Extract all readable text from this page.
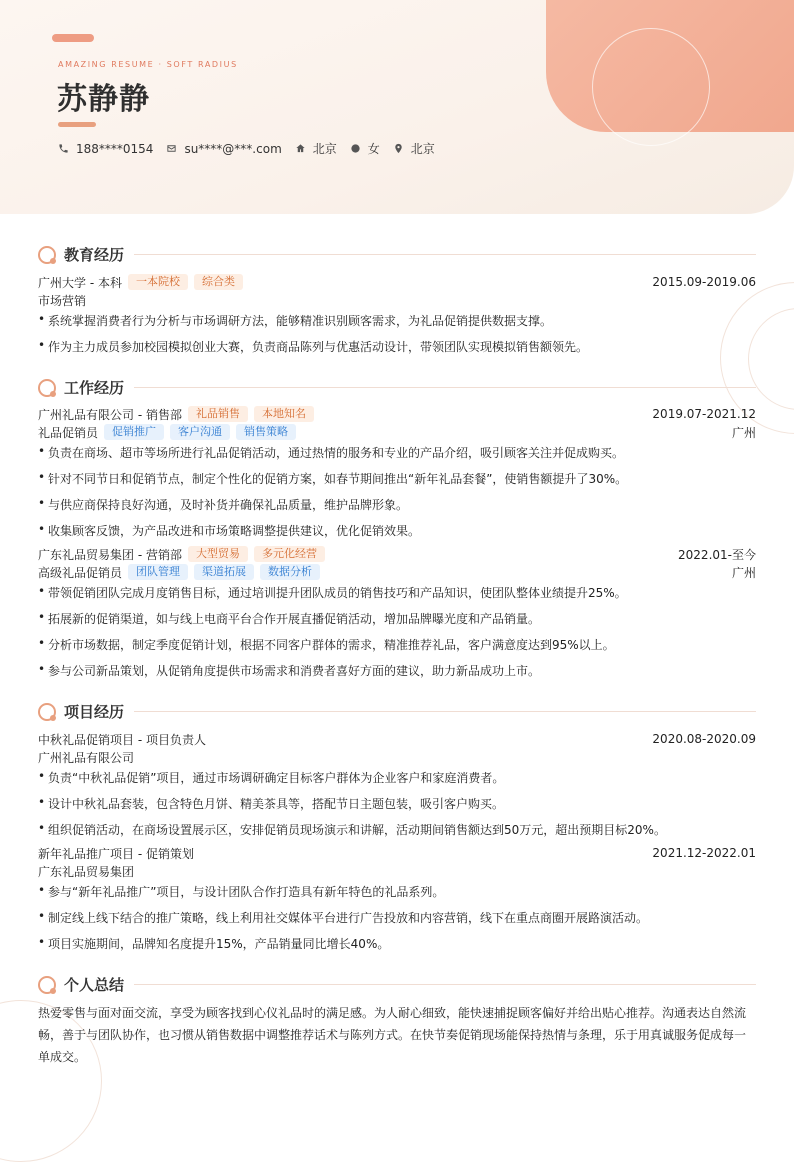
AMAZING RESUME · SOFT RADIUS
苏静静
188****0154	su****@***.com	北京	女	北京
教育经历
广州大学 - 本科	一本院校	综合类	2015.09-2019.06
市场营销
• 系统掌握消费者行为分析与市场调研方法，能够精准识别顾客需求，为礼品促销提供数据支撑。
• 作为主力成员参加校园模拟创业大赛，负责商品陈列与优惠活动设计，带领团队实现模拟销售额领先。
工作经历
广州礼品有限公司 - 销售部	礼品销售	本地知名	2019.07-2021.12
礼品促销员	促销推广	客户沟通	销售策略	广州
• 负责在商场、超市等场所进行礼品促销活动，通过热情的服务和专业的产品介绍，吸引顾客关注并促成购买。
• 针对不同节日和促销节点，制定个性化的促销方案，如春节期间推出“新年礼品套餐”，使销售额提升了30%。
• 与供应商保持良好沟通，及时补货并确保礼品质量，维护品牌形象。
• 收集顾客反馈，为产品改进和市场策略调整提供建议，优化促销效果。
广东礼品贸易集团 - 营销部	大型贸易	多元化经营	2022.01-至今
高级礼品促销员	团队管理	渠道拓展	数据分析	广州
• 带领促销团队完成月度销售目标，通过培训提升团队成员的销售技巧和产品知识，使团队整体业绩提升25%。
• 拓展新的促销渠道，如与线上电商平台合作开展直播促销活动，增加品牌曝光度和产品销量。
• 分析市场数据，制定季度促销计划，根据不同客户群体的需求，精准推荐礼品，客户满意度达到95%以上。
• 参与公司新品策划，从促销角度提供市场需求和消费者喜好方面的建议，助力新品成功上市。
项目经历
中秋礼品促销项目 - 项目负责人	2020.08-2020.09
广州礼品有限公司
• 负责“中秋礼品促销”项目，通过市场调研确定目标客户群体为企业客户和家庭消费者。
• 设计中秋礼品套装，包含特色月饼、精美茶具等，搭配节日主题包装，吸引客户购买。
• 组织促销活动，在商场设置展示区，安排促销员现场演示和讲解，活动期间销售额达到50万元，超出预期目标20%。
新年礼品推广项目 - 促销策划	2021.12-2022.01
广东礼品贸易集团
• 参与“新年礼品推广”项目，与设计团队合作打造具有新年特色的礼品系列。
• 制定线上线下结合的推广策略，线上利用社交媒体平台进行广告投放和内容营销，线下在重点商圈开展路演活动。
• 项目实施期间，品牌知名度提升15%，产品销量同比增长40%。
个人总结
热爱零售与面对面交流，享受为顾客找到心仪礼品时的满足感。为人耐心细致，能快速捕捉顾客偏好并给出贴心推荐。沟通表达自然流畅，善于与团队协作，也习惯从销售数据中调整推荐话术与陈列方式。在快节奏促销现场能保持热情与条理，乐于用真诚服务促成每一单成交。
